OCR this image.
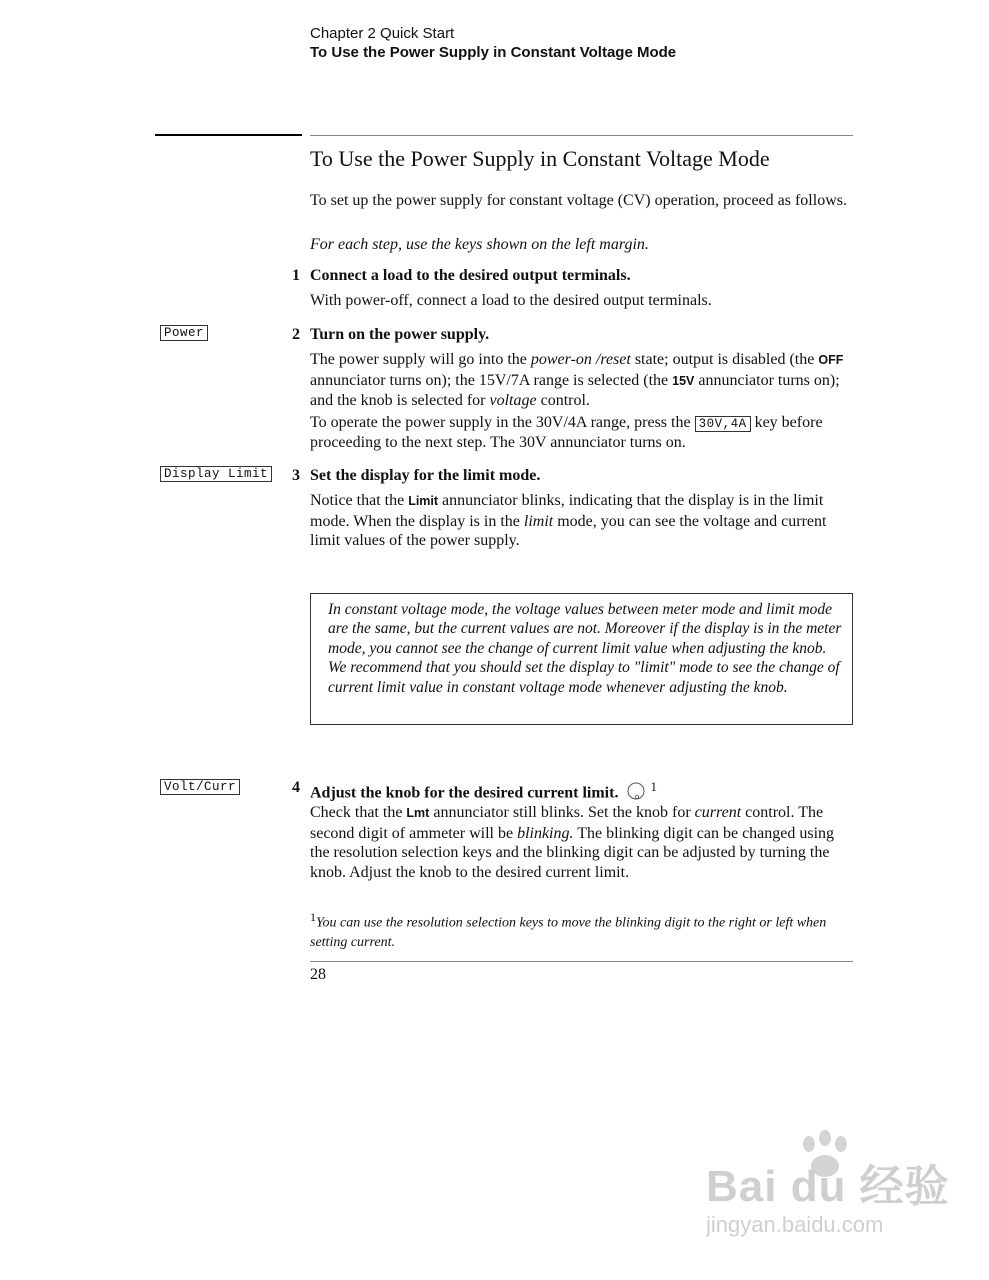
Chapter 2 Quick Start
To Use the Power Supply in Constant Voltage Mode
To Use the Power Supply in Constant Voltage Mode
To set up the power supply for constant voltage (CV) operation, proceed as follows.
For each step, use the keys shown on the left margin.
1 Connect a load to the desired output terminals.
With power-off, connect a load to the desired output terminals.
Power	2 Turn on the power supply.
The power supply will go into the power-on /reset state; output is disabled (the OFF annunciator turns on); the 15V/7A range is selected (the 15V annunciator turns on); and the knob is selected for voltage control.
To operate the power supply in the 30V/4A range, press the 30V,4A key before proceeding to the next step. The 30V annunciator turns on.
Display Limit 3 Set the display for the limit mode.
Notice that the Limit annunciator blinks, indicating that the display is in the limit mode. When the display is in the limit mode, you can see the voltage and current limit values of the power supply.
In constant voltage mode, the voltage values between meter mode and limit mode are the same, but the current values are not. Moreover if the display is in the meter mode, you cannot see the change of current limit value when adjusting the knob. We recommend that you should set the display to "limit" mode to see the change of current limit value in constant voltage mode whenever adjusting the knob.
Volt/Curr	4 Adjust the knob for the desired current limit. $^1$
Check that the Lmt annunciator still blinks. Set the knob for current control. The second digit of ammeter will be blinking. The blinking digit can be changed using the resolution selection keys and the blinking digit can be adjusted by turning the knob. Adjust the knob to the desired current limit.
$^1$You can use the resolution selection keys to move the blinking digit to the right or left when setting current.
28
Bai du 经验
jingyan.baidu.com
